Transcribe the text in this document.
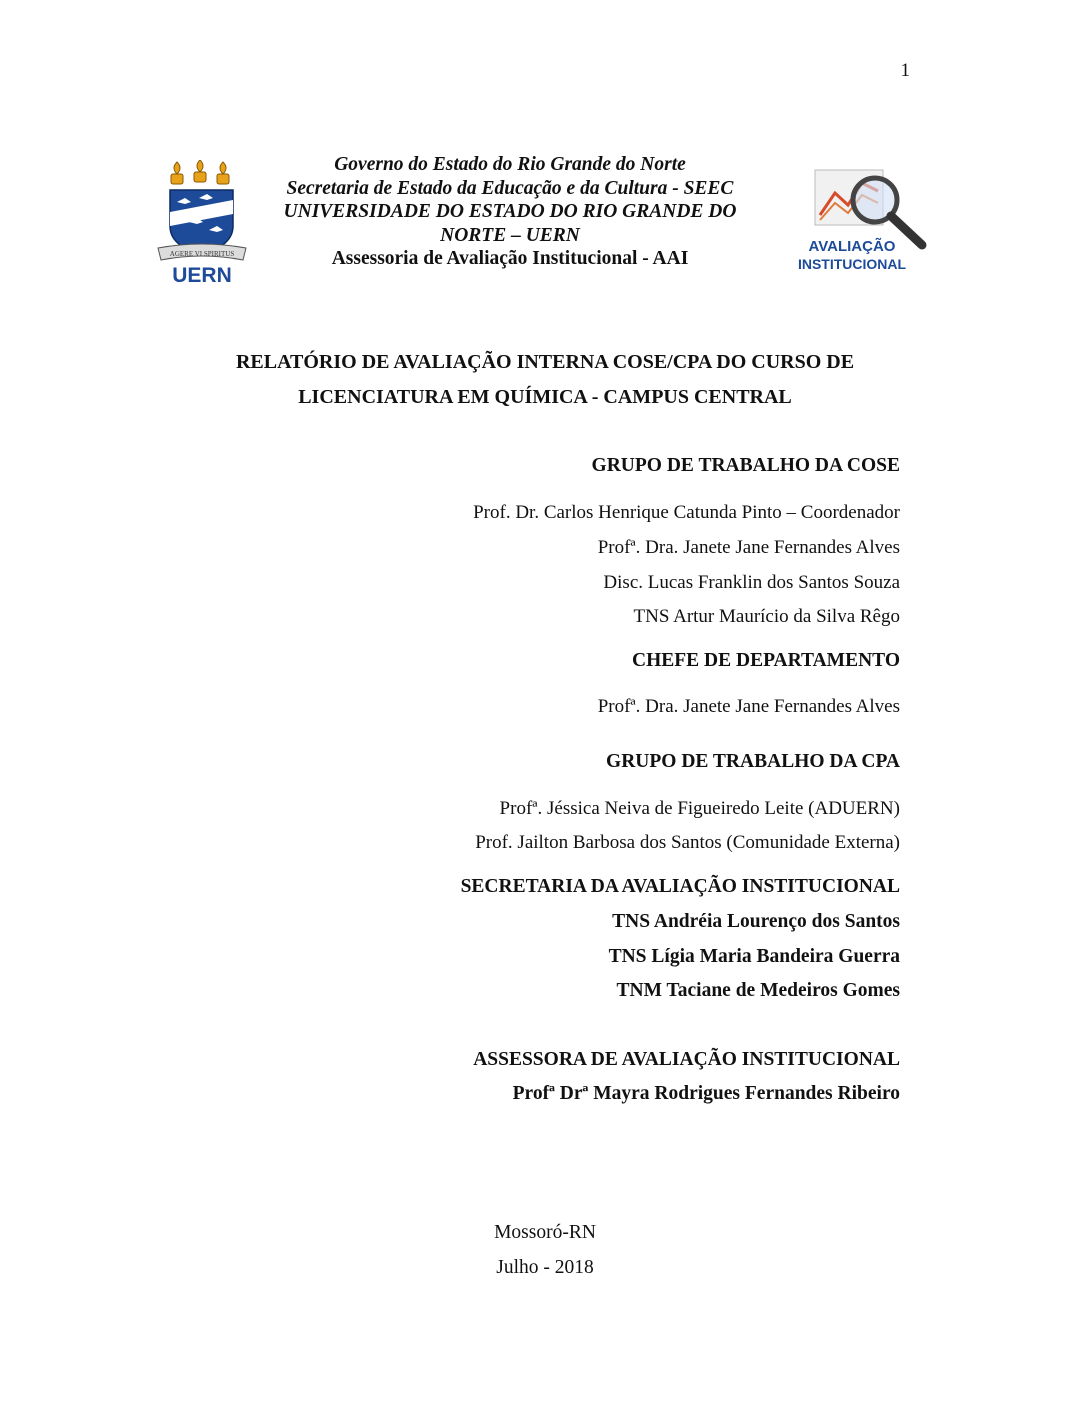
1
AGERE VI SPIRITUS
UERN
Governo do Estado do Rio Grande do Norte
Secretaria de Estado da Educação e da Cultura - SEEC
UNIVERSIDADE DO ESTADO DO RIO GRANDE DO
NORTE – UERN
Assessoria de Avaliação Institucional - AAI
AVALIAÇÃO
INSTITUCIONAL
RELATÓRIO DE AVALIAÇÃO INTERNA COSE/CPA DO CURSO DE
LICENCIATURA EM QUÍMICA - CAMPUS CENTRAL
GRUPO DE TRABALHO DA COSE
Prof. Dr. Carlos Henrique Catunda Pinto – Coordenador
Profª. Dra. Janete Jane Fernandes Alves
Disc. Lucas Franklin dos Santos Souza
TNS Artur Maurício da Silva Rêgo
CHEFE DE DEPARTAMENTO
Profª. Dra. Janete Jane Fernandes Alves
GRUPO DE TRABALHO DA CPA
Profª. Jéssica Neiva de Figueiredo Leite (ADUERN)
Prof. Jailton Barbosa dos Santos (Comunidade Externa)
SECRETARIA DA AVALIAÇÃO INSTITUCIONAL
TNS Andréia Lourenço dos Santos
TNS Lígia Maria Bandeira Guerra
TNM Taciane de Medeiros Gomes
ASSESSORA DE AVALIAÇÃO INSTITUCIONAL
Profª Drª Mayra Rodrigues Fernandes Ribeiro
Mossoró-RN
Julho - 2018
